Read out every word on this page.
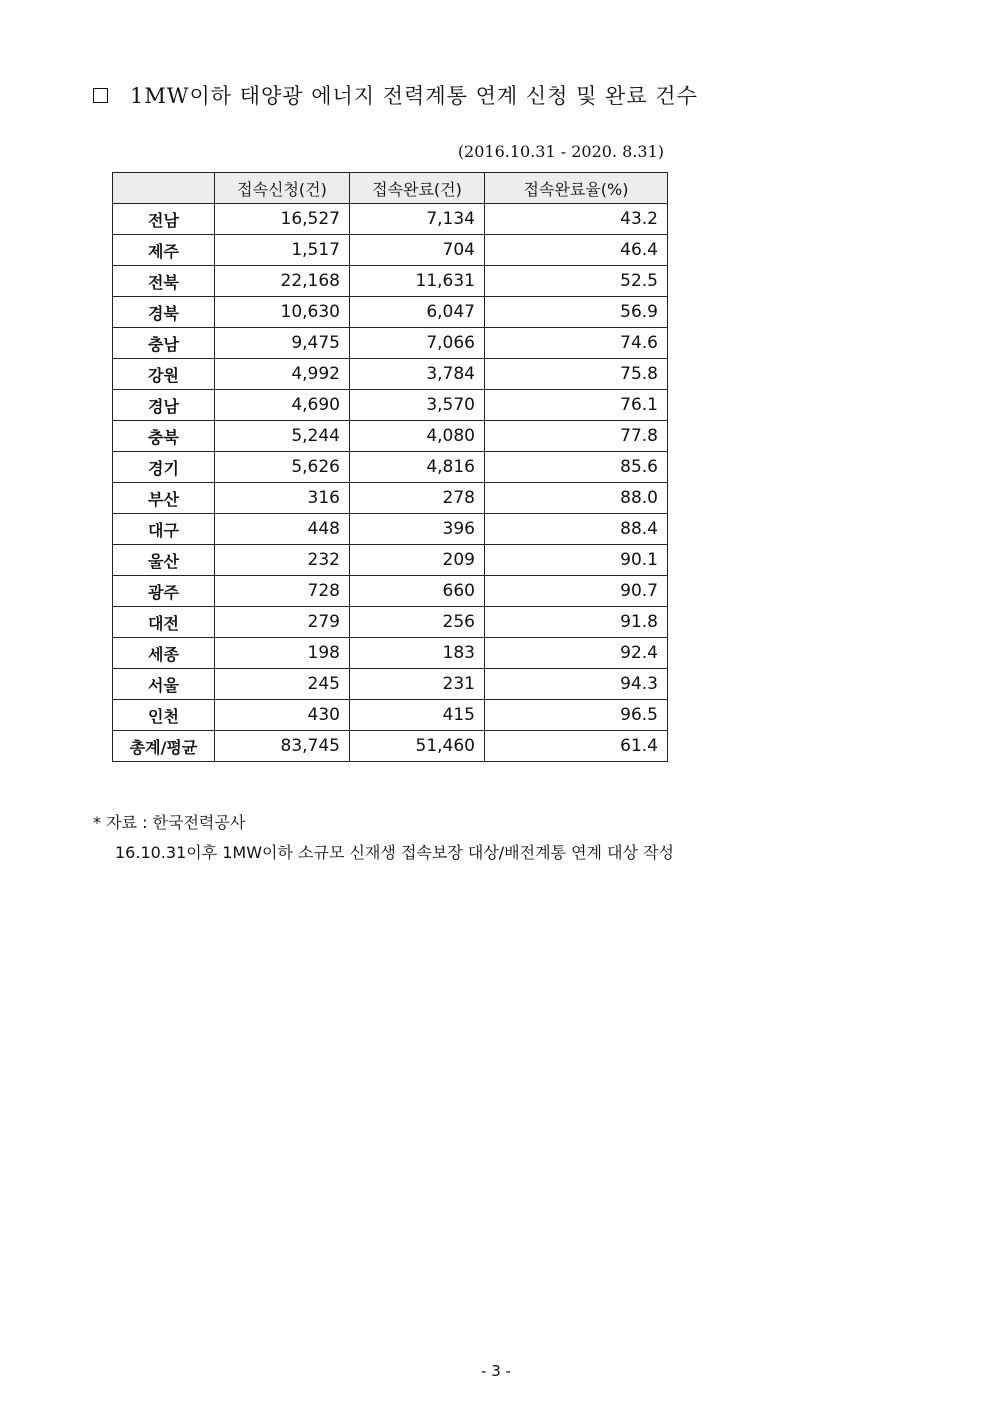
1MW이하 태양광 에너지 전력계통 연계 신청 및 완료 건수
(2016.10.31 - 2020. 8.31)
	접속신청(건)	접속완료(건)	접속완료율(%)
전남	16,527	7,134	43.2
제주	1,517	704	46.4
전북	22,168	11,631	52.5
경북	10,630	6,047	56.9
충남	9,475	7,066	74.6
강원	4,992	3,784	75.8
경남	4,690	3,570	76.1
충북	5,244	4,080	77.8
경기	5,626	4,816	85.6
부산	316	278	88.0
대구	448	396	88.4
울산	232	209	90.1
광주	728	660	90.7
대전	279	256	91.8
세종	198	183	92.4
서울	245	231	94.3
인천	430	415	96.5
총계/평균	83,745	51,460	61.4
* 자료 : 한국전력공사
16.10.31이후 1MW이하 소규모 신재생 접속보장 대상/배전계통 연계 대상 작성
- 3 -
